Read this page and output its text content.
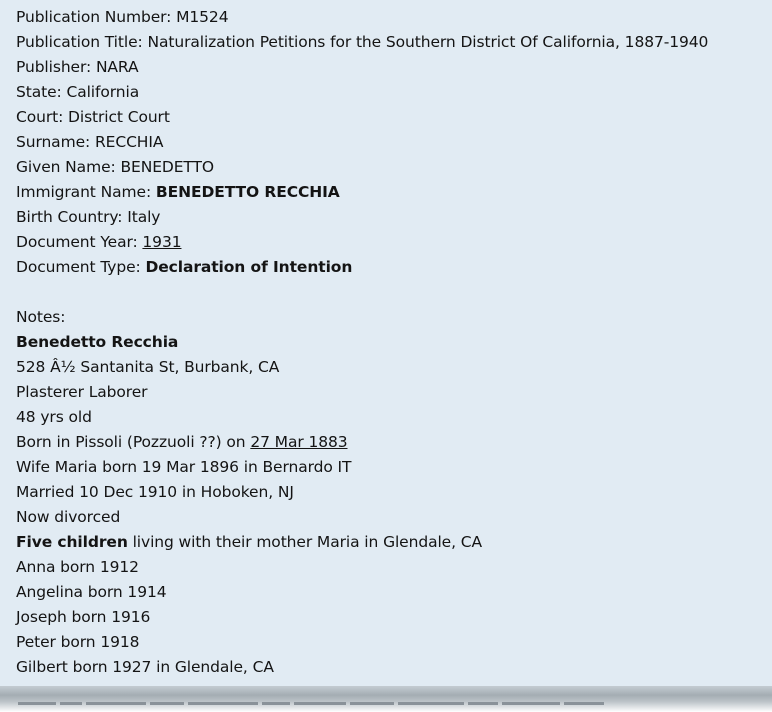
Publication Number: M1524
Publication Title: Naturalization Petitions for the Southern District Of California, 1887-1940
Publisher: NARA
State: California
Court: District Court
Surname: RECCHIA
Given Name: BENEDETTO
Immigrant Name: BENEDETTO RECCHIA
Birth Country: Italy
Document Year: 1931
Document Type: Declaration of Intention
Notes:
Benedetto Recchia
528 Â½ Santanita St, Burbank, CA
Plasterer Laborer
48 yrs old
Born in Pissoli (Pozzuoli ??) on 27 Mar 1883
Wife Maria born 19 Mar 1896 in Bernardo IT
Married 10 Dec 1910 in Hoboken, NJ
Now divorced
Five children living with their mother Maria in Glendale, CA
Anna born 1912
Angelina born 1914
Joseph born 1916
Peter born 1918
Gilbert born 1927 in Glendale, CA
